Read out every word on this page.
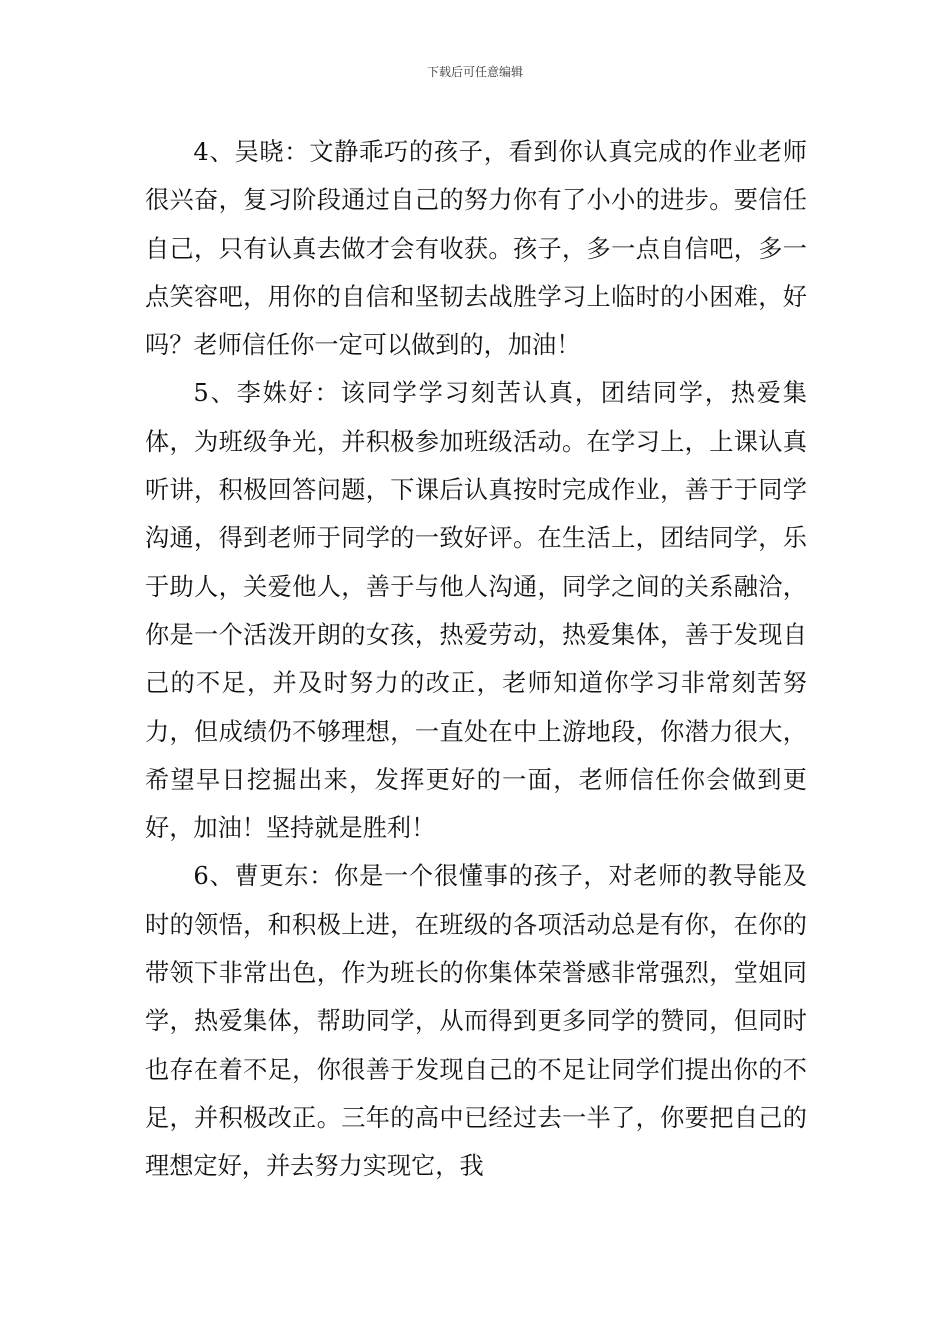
下载后可任意编辑

4、吴晓：文静乖巧的孩子，看到你认真完成的作业老师很兴奋，复习阶段通过自己的努力你有了小小的进步。要信任自己，只有认真去做才会有收获。孩子，多一点自信吧，多一点笑容吧，用你的自信和坚韧去战胜学习上临时的小困难，好吗？老师信任你一定可以做到的，加油！

5、李姝好：该同学学习刻苦认真，团结同学，热爱集体，为班级争光，并积极参加班级活动。在学习上，上课认真听讲，积极回答问题，下课后认真按时完成作业，善于于同学沟通，得到老师于同学的一致好评。在生活上，团结同学，乐于助人，关爱他人，善于与他人沟通，同学之间的关系融洽，你是一个活泼开朗的女孩，热爱劳动，热爱集体，善于发现自己的不足，并及时努力的改正，老师知道你学习非常刻苦努力，但成绩仍不够理想，一直处在中上游地段，你潜力很大，希望早日挖掘出来，发挥更好的一面，老师信任你会做到更好，加油！坚持就是胜利！

6、曹更东：你是一个很懂事的孩子，对老师的教导能及时的领悟，和积极上进，在班级的各项活动总是有你，在你的带领下非常出色，作为班长的你集体荣誉感非常强烈，堂姐同学，热爱集体，帮助同学，从而得到更多同学的赞同，但同时也存在着不足，你很善于发现自己的不足让同学们提出你的不足，并积极改正。三年的高中已经过去一半了，你要把自己的理想定好，并去努力实现它，我
